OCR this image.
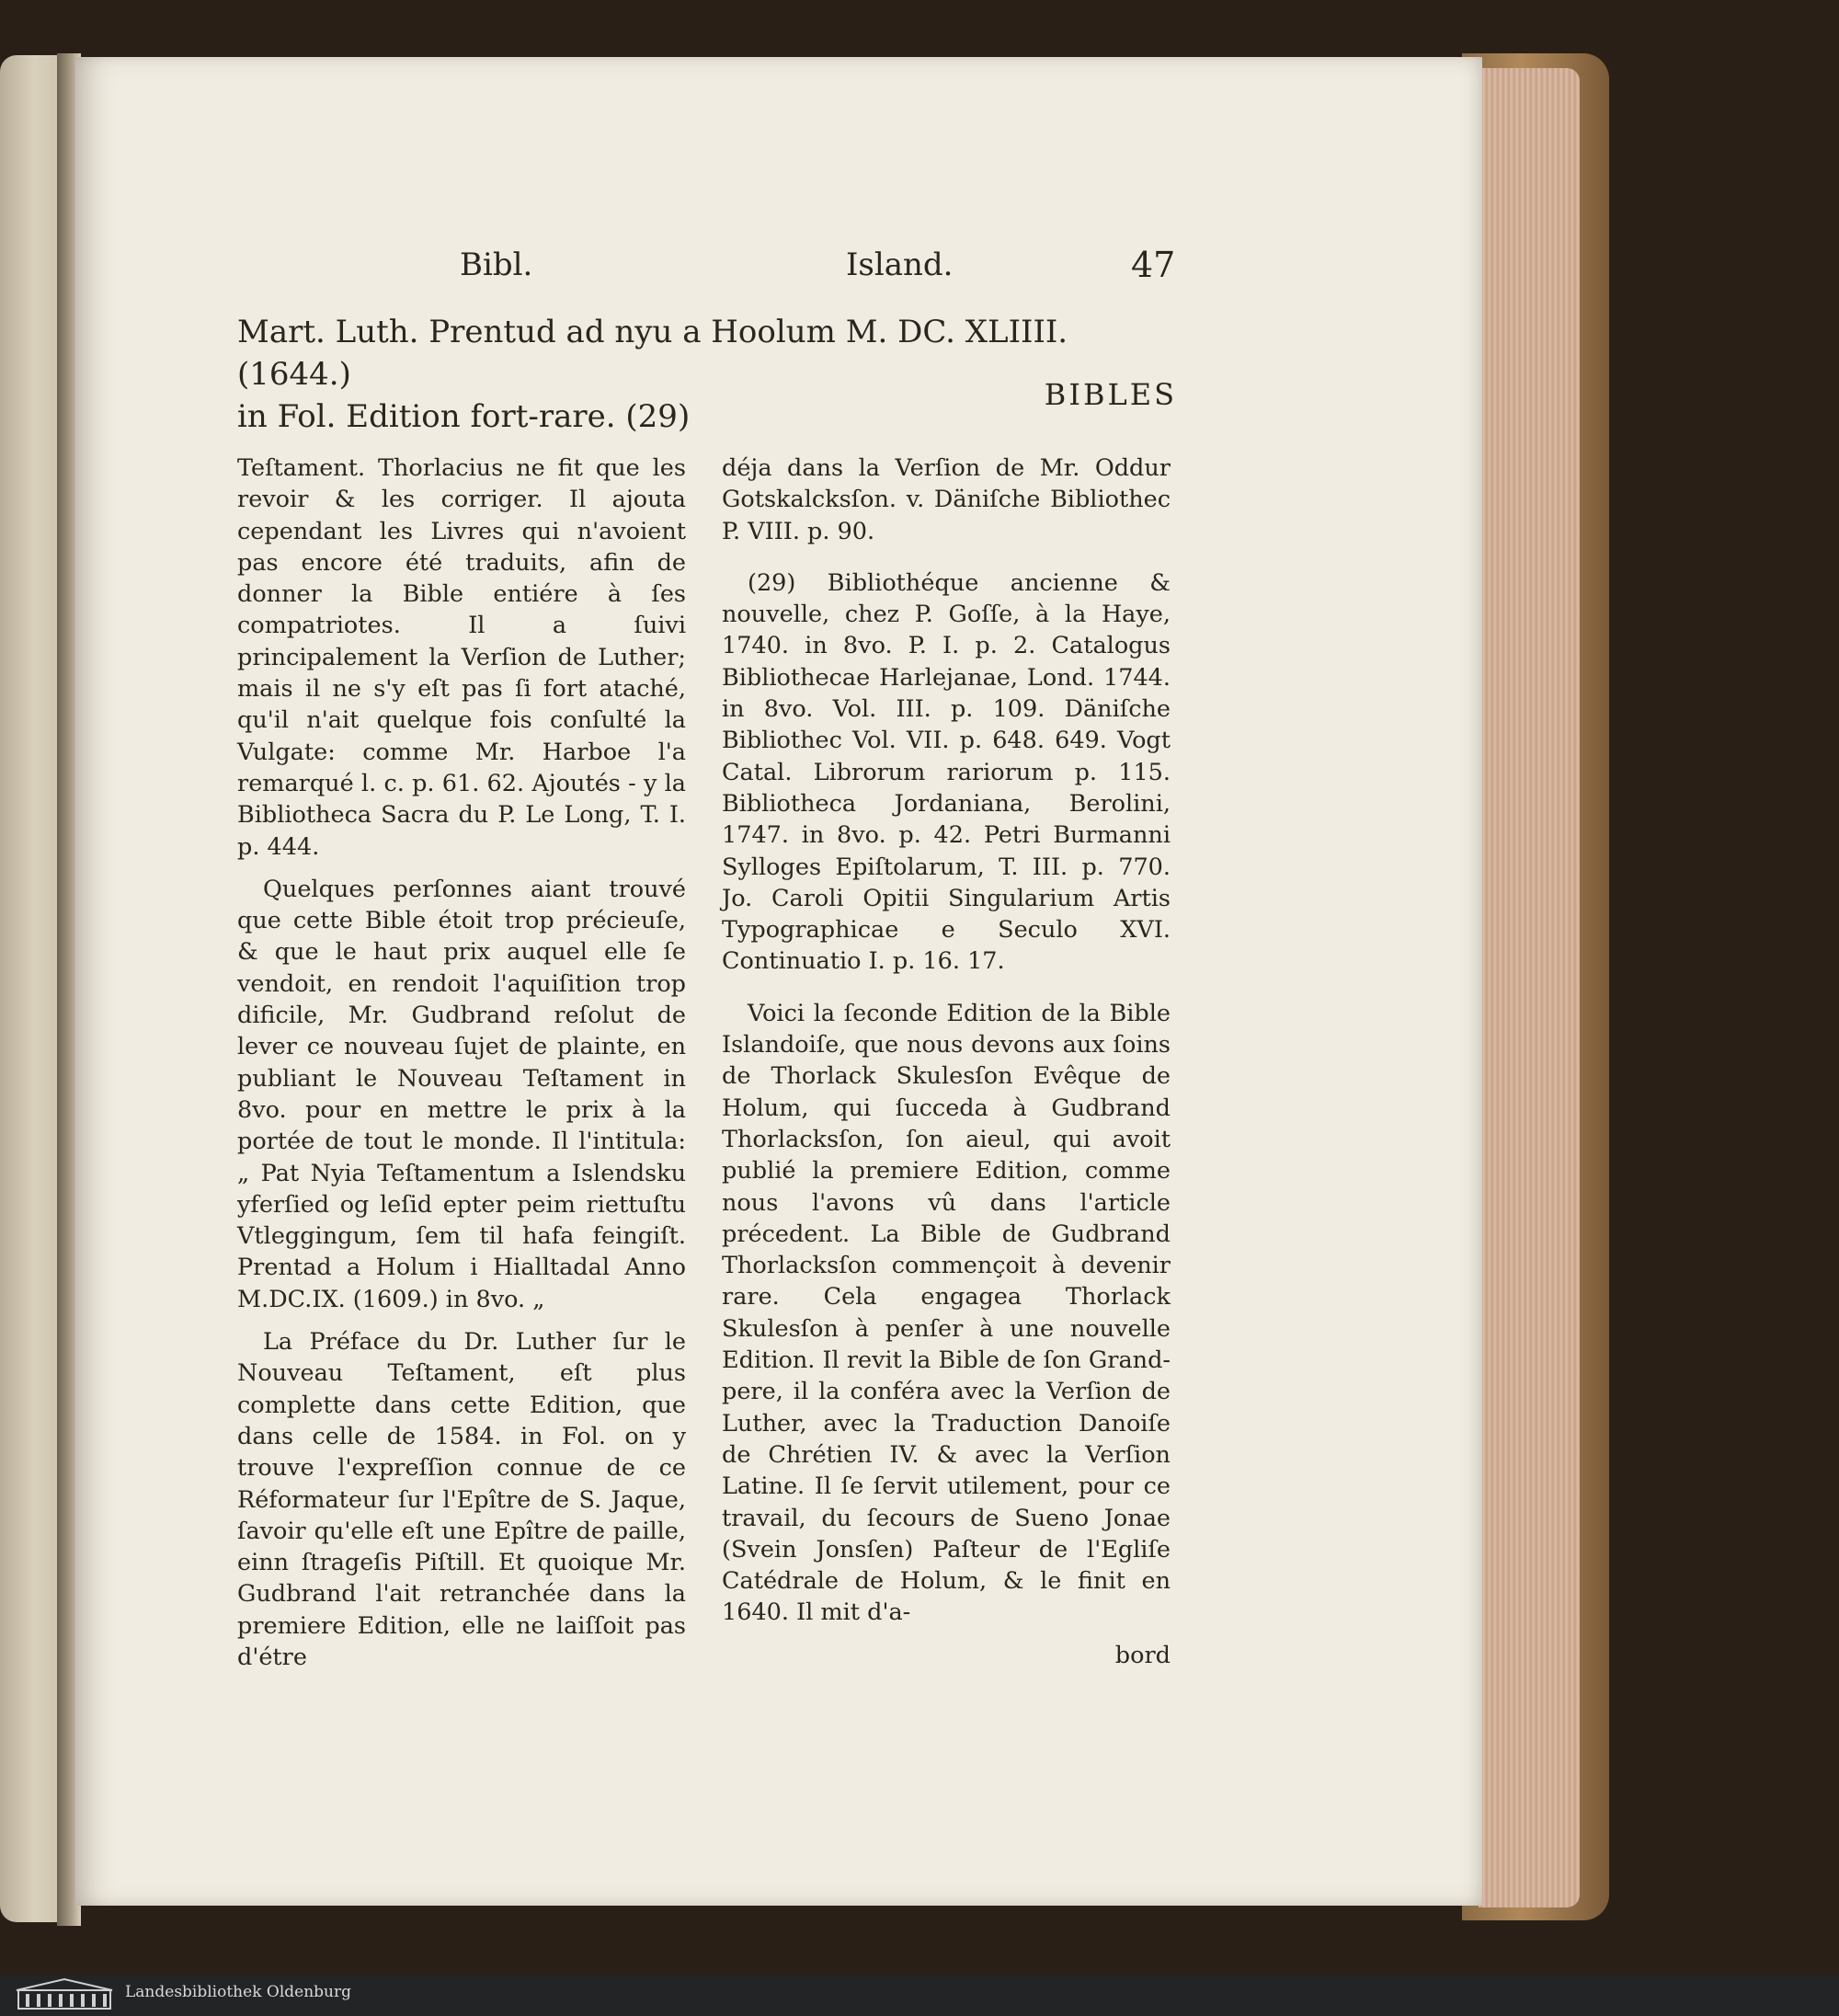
Bibl.	Island.	47
Mart. Luth. Prentud ad nyu a Hoolum M. DC. XLIIII. (1644.)
in Fol. Edition fort-rare. (29)
BIBLES

Teſtament. Thorlacius ne fit que les revoir & les corriger. Il ajouta cependant les Livres qui n'avoient pas encore été traduits, afin de donner la Bible entiére à ſes compatriotes. Il a ſuivi principalement la Verſion de Luther; mais il ne s'y eſt pas ſi fort ataché, qu'il n'ait quelque fois conſulté la Vulgate: comme Mr. Harboe l'a remarqué l. c. p. 61. 62. Ajoutés - y la Bibliotheca Sacra du P. Le Long, T. I. p. 444.

Quelques perſonnes aiant trouvé que cette Bible étoit trop précieuſe, & que le haut prix auquel elle ſe vendoit, en rendoit l'aquiſition trop dificile, Mr. Gudbrand reſolut de lever ce nouveau ſujet de plainte, en publiant le Nouveau Teſtament in 8vo. pour en mettre le prix à la portée de tout le monde. Il l'intitula: „ Pat Nyia Teſtamentum a Islendsku yferſied og leſid epter peim riettuſtu Vtleggingum, ſem til hafa feingiſt. Prentad a Holum i Hialltadal Anno M.DC.IX. (1609.) in 8vo. „

La Préface du Dr. Luther ſur le Nouveau Teſtament, eſt plus complette dans cette Edition, que dans celle de 1584. in Fol. on y trouve l'expreſſion connue de ce Réformateur ſur l'Epître de S. Jaque, ſavoir qu'elle eſt une Epître de paille, einn ſtrageſis Piſtill. Et quoique Mr. Gudbrand l'ait retranchée dans la premiere Edition, elle ne laiſſoit pas d'étre

déja dans la Verſion de Mr. Oddur Gotskalcksſon. v. Däniſche Bibliothec P. VIII. p. 90.

(29) Bibliothéque ancienne & nouvelle, chez P. Goſſe, à la Haye, 1740. in 8vo. P. I. p. 2. Catalogus Bibliothecae Harlejanae, Lond. 1744. in 8vo. Vol. III. p. 109. Däniſche Bibliothec Vol. VII. p. 648. 649. Vogt Catal. Librorum rariorum p. 115. Bibliotheca Jordaniana, Berolini, 1747. in 8vo. p. 42. Petri Burmanni Sylloges Epiſtolarum, T. III. p. 770. Jo. Caroli Opitii Singularium Artis Typographicae e Seculo XVI. Continuatio I. p. 16. 17.

Voici la ſeconde Edition de la Bible Islandoiſe, que nous devons aux ſoins de Thorlack Skulesſon Evêque de Holum, qui ſucceda à Gudbrand Thorlacksſon, ſon aieul, qui avoit publié la premiere Edition, comme nous l'avons vû dans l'article précedent. La Bible de Gudbrand Thorlacksſon commençoit à devenir rare. Cela engagea Thorlack Skulesſon à penſer à une nouvelle Edition. Il revit la Bible de ſon Grand-pere, il la conféra avec la Verſion de Luther, avec la Traduction Danoiſe de Chrétien IV. & avec la Verſion Latine. Il ſe ſervit utilement, pour ce travail, du ſecours de Sueno Jonae (Svein Jonsſen) Paſteur de l'Egliſe Catédrale de Holum, & le finit en 1640. Il mit d'a-

bord

Landesbibliothek Oldenburg
